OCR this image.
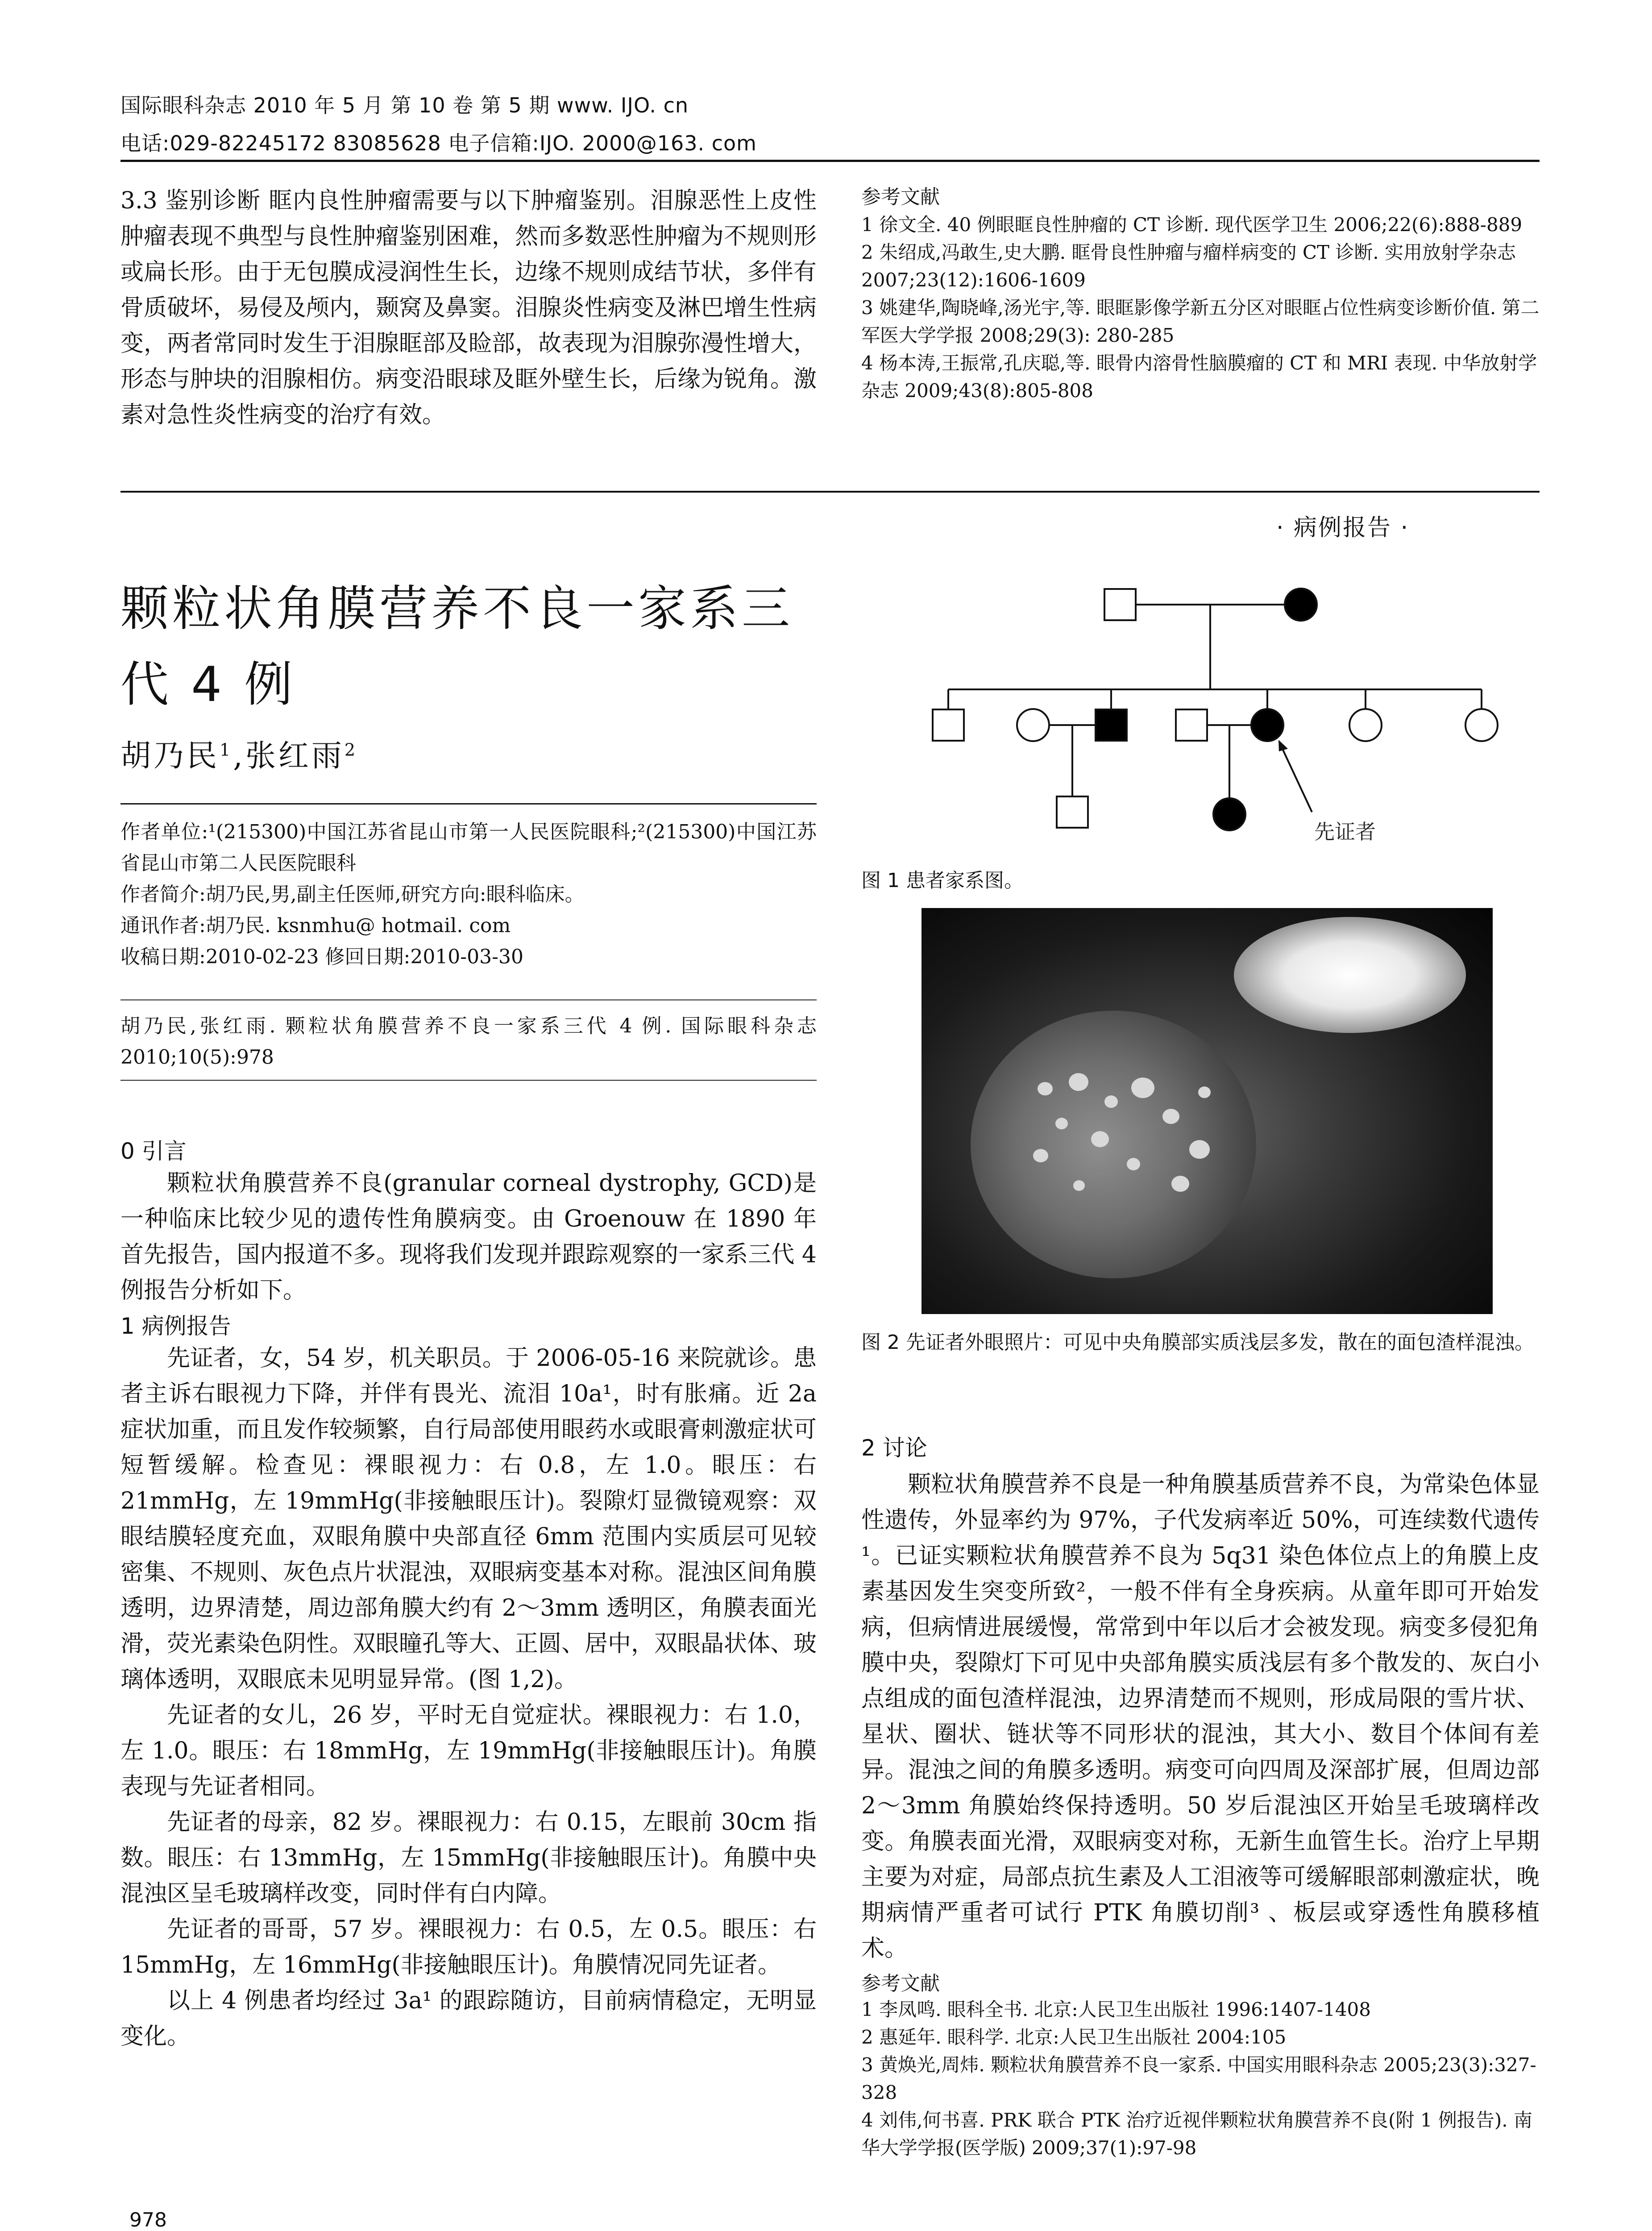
国际眼科杂志 2010 年 5 月 第 10 卷 第 5 期 www. IJO. cn
电话:029-82245172 83085628 电子信箱:IJO. 2000@163. com
3.3 鉴别诊断 眶内良性肿瘤需要与以下肿瘤鉴别。泪腺恶性上皮性肿瘤表现不典型与良性肿瘤鉴别困难，然而多数恶性肿瘤为不规则形或扁长形。由于无包膜成浸润性生长，边缘不规则成结节状，多伴有骨质破坏，易侵及颅内，颞窝及鼻窦。泪腺炎性病变及淋巴增生性病变，两者常同时发生于泪腺眶部及睑部，故表现为泪腺弥漫性增大，形态与肿块的泪腺相仿。病变沿眼球及眶外壁生长，后缘为锐角。激素对急性炎性病变的治疗有效。
参考文献

1 徐文全. 40 例眼眶良性肿瘤的 CT 诊断. 现代医学卫生 2006;22(6):888-889

2 朱绍成,冯敢生,史大鹏. 眶骨良性肿瘤与瘤样病变的 CT 诊断. 实用放射学杂志 2007;23(12):1606-1609

3 姚建华,陶晓峰,汤光宇,等. 眼眶影像学新五分区对眼眶占位性病变诊断价值. 第二军医大学学报 2008;29(3): 280-285

4 杨本涛,王振常,孔庆聪,等. 眼骨内溶骨性脑膜瘤的 CT 和 MRI 表现. 中华放射学杂志 2009;43(8):805-808

· 病例报告 ·
颗粒状角膜营养不良一家系三代 4 例
胡乃民$^1$,张红雨$^2$

作者单位:¹(215300)中国江苏省昆山市第一人民医院眼科;²(215300)中国江苏省昆山市第二人民医院眼科

作者简介:胡乃民,男,副主任医师,研究方向:眼科临床。

通讯作者:胡乃民. ksnmhu@ hotmail. com

收稿日期:2010-02-23 修回日期:2010-03-30

胡乃民,张红雨. 颗粒状角膜营养不良一家系三代 4 例. 国际眼科杂志 2010;10(5):978
0 引言

颗粒状角膜营养不良(granular corneal dystrophy, GCD)是一种临床比较少见的遗传性角膜病变。由 Groenouw 在 1890 年首先报告，国内报道不多。现将我们发现并跟踪观察的一家系三代 4 例报告分析如下。

1 病例报告

先证者，女，54 岁，机关职员。于 2006-05-16 来院就诊。患者主诉右眼视力下降，并伴有畏光、流泪 10a¹，时有胀痛。近 2a 症状加重，而且发作较频繁，自行局部使用眼药水或眼膏刺激症状可短暂缓解。检查见：裸眼视力：右 0.8，左 1.0。眼压：右 21mmHg，左 19mmHg(非接触眼压计)。裂隙灯显微镜观察：双眼结膜轻度充血，双眼角膜中央部直径 6mm 范围内实质层可见较密集、不规则、灰色点片状混浊，双眼病变基本对称。混浊区间角膜透明，边界清楚，周边部角膜大约有 2～3mm 透明区，角膜表面光滑，荧光素染色阴性。双眼瞳孔等大、正圆、居中，双眼晶状体、玻璃体透明，双眼底未见明显异常。(图 1,2)。

先证者的女儿，26 岁，平时无自觉症状。裸眼视力：右 1.0，左 1.0。眼压：右 18mmHg，左 19mmHg(非接触眼压计)。角膜表现与先证者相同。

先证者的母亲，82 岁。裸眼视力：右 0.15，左眼前 30cm 指数。眼压：右 13mmHg，左 15mmHg(非接触眼压计)。角膜中央混浊区呈毛玻璃样改变，同时伴有白内障。

先证者的哥哥，57 岁。裸眼视力：右 0.5，左 0.5。眼压：右 15mmHg，左 16mmHg(非接触眼压计)。角膜情况同先证者。

以上 4 例患者均经过 3a¹ 的跟踪随访，目前病情稳定，无明显变化。

先证者
图 1 患者家系图。
图 2 先证者外眼照片：可见中央角膜部实质浅层多发，散在的面包渣样混浊。
2 讨论

颗粒状角膜营养不良是一种角膜基质营养不良，为常染色体显性遗传，外显率约为 97%，子代发病率近 50%，可连续数代遗传¹。已证实颗粒状角膜营养不良为 5q31 染色体位点上的角膜上皮素基因发生突变所致²，一般不伴有全身疾病。从童年即可开始发病，但病情进展缓慢，常常到中年以后才会被发现。病变多侵犯角膜中央，裂隙灯下可见中央部角膜实质浅层有多个散发的、灰白小点组成的面包渣样混浊，边界清楚而不规则，形成局限的雪片状、星状、圈状、链状等不同形状的混浊，其大小、数目个体间有差异。混浊之间的角膜多透明。病变可向四周及深部扩展，但周边部 2～3mm 角膜始终保持透明。50 岁后混浊区开始呈毛玻璃样改变。角膜表面光滑，双眼病变对称，无新生血管生长。治疗上早期主要为对症，局部点抗生素及人工泪液等可缓解眼部刺激症状，晚期病情严重者可试行 PTK 角膜切削³ 、板层或穿透性角膜移植术。

参考文献

1 李凤鸣. 眼科全书. 北京:人民卫生出版社 1996:1407-1408

2 惠延年. 眼科学. 北京:人民卫生出版社 2004:105

3 黄焕光,周炜. 颗粒状角膜营养不良一家系. 中国实用眼科杂志 2005;23(3):327-328

4 刘伟,何书喜. PRK 联合 PTK 治疗近视伴颗粒状角膜营养不良(附 1 例报告). 南华大学学报(医学版) 2009;37(1):97-98

978
